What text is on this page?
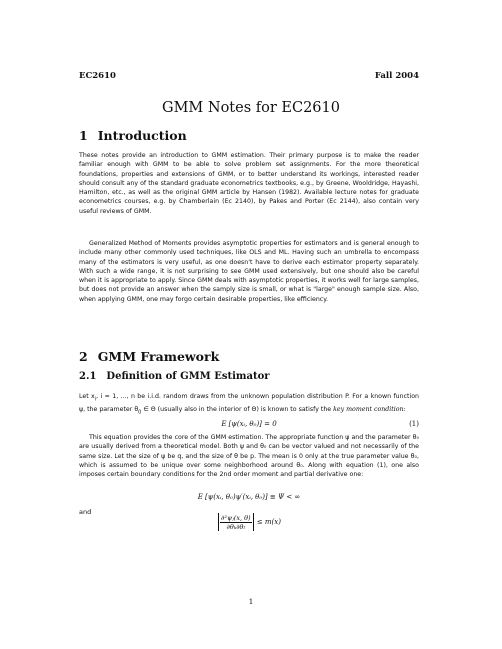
EC2610	Fall 2004
GMM Notes for EC2610
1 Introduction

These notes provide an introduction to GMM estimation. Their primary purpose is to make the reader familiar enough with GMM to be able to solve problem set assignments. For the more theoretical foundations, properties and extensions of GMM, or to better understand its workings, interested reader should consult any of the standard graduate econometrics textbooks, e.g., by Greene, Wooldridge, Hayashi, Hamilton, etc., as well as the original GMM article by Hansen (1982). Available lecture notes for graduate econometrics courses, e.g. by Chamberlain (Ec 2140), by Pakes and Porter (Ec 2144), also contain very useful reviews of GMM.

Generalized Method of Moments provides asymptotic properties for estimators and is general enough to include many other commonly used techniques, like OLS and ML. Having such an umbrella to encompass many of the estimators is very useful, as one doesn't have to derive each estimator property separately. With such a wide range, it is not surprising to see GMM used extensively, but one should also be careful when it is appropriate to apply. Since GMM deals with asymptotic properties, it works well for large samples, but does not provide an answer when the samply size is small, or what is "large" enough sample size. Also, when applying GMM, one may forgo certain desirable properties, like efficiency.

2 GMM Framework
2.1 Definition of GMM Estimator

Let $x_i$, i = 1, ..., n be i.i.d. random draws from the unknown population distribution P. For a known function ψ, the parameter $\theta_0$ ∈ Θ (usually also in the interior of Θ) is known to satisfy the key moment condition:

E [ψ(xᵢ, θ₀)] = 0	(1)

This equation provides the core of the GMM estimation. The appropriate function ψ and the parameter θ₀ are usually derived from a theoretical model. Both ψ and θ₀ can be vector valued and not necessarily of the same size. Let the size of ψ be q, and the size of θ be p. The mean is 0 only at the true parameter value θ₀, which is assumed to be unique over some neighborhood around θ₀. Along with equation (1), one also imposes certain boundary conditions for the 2nd order moment and partial derivative one:

E [ψ(xᵢ, θ₀)ψ′(xᵢ, θ₀)] ≡ Ψ < ∞
and
$\frac{\text{∂²ψⱼ(x, θ)}}{\text{∂θₖ∂θₗ}} \le m(x)$
1
